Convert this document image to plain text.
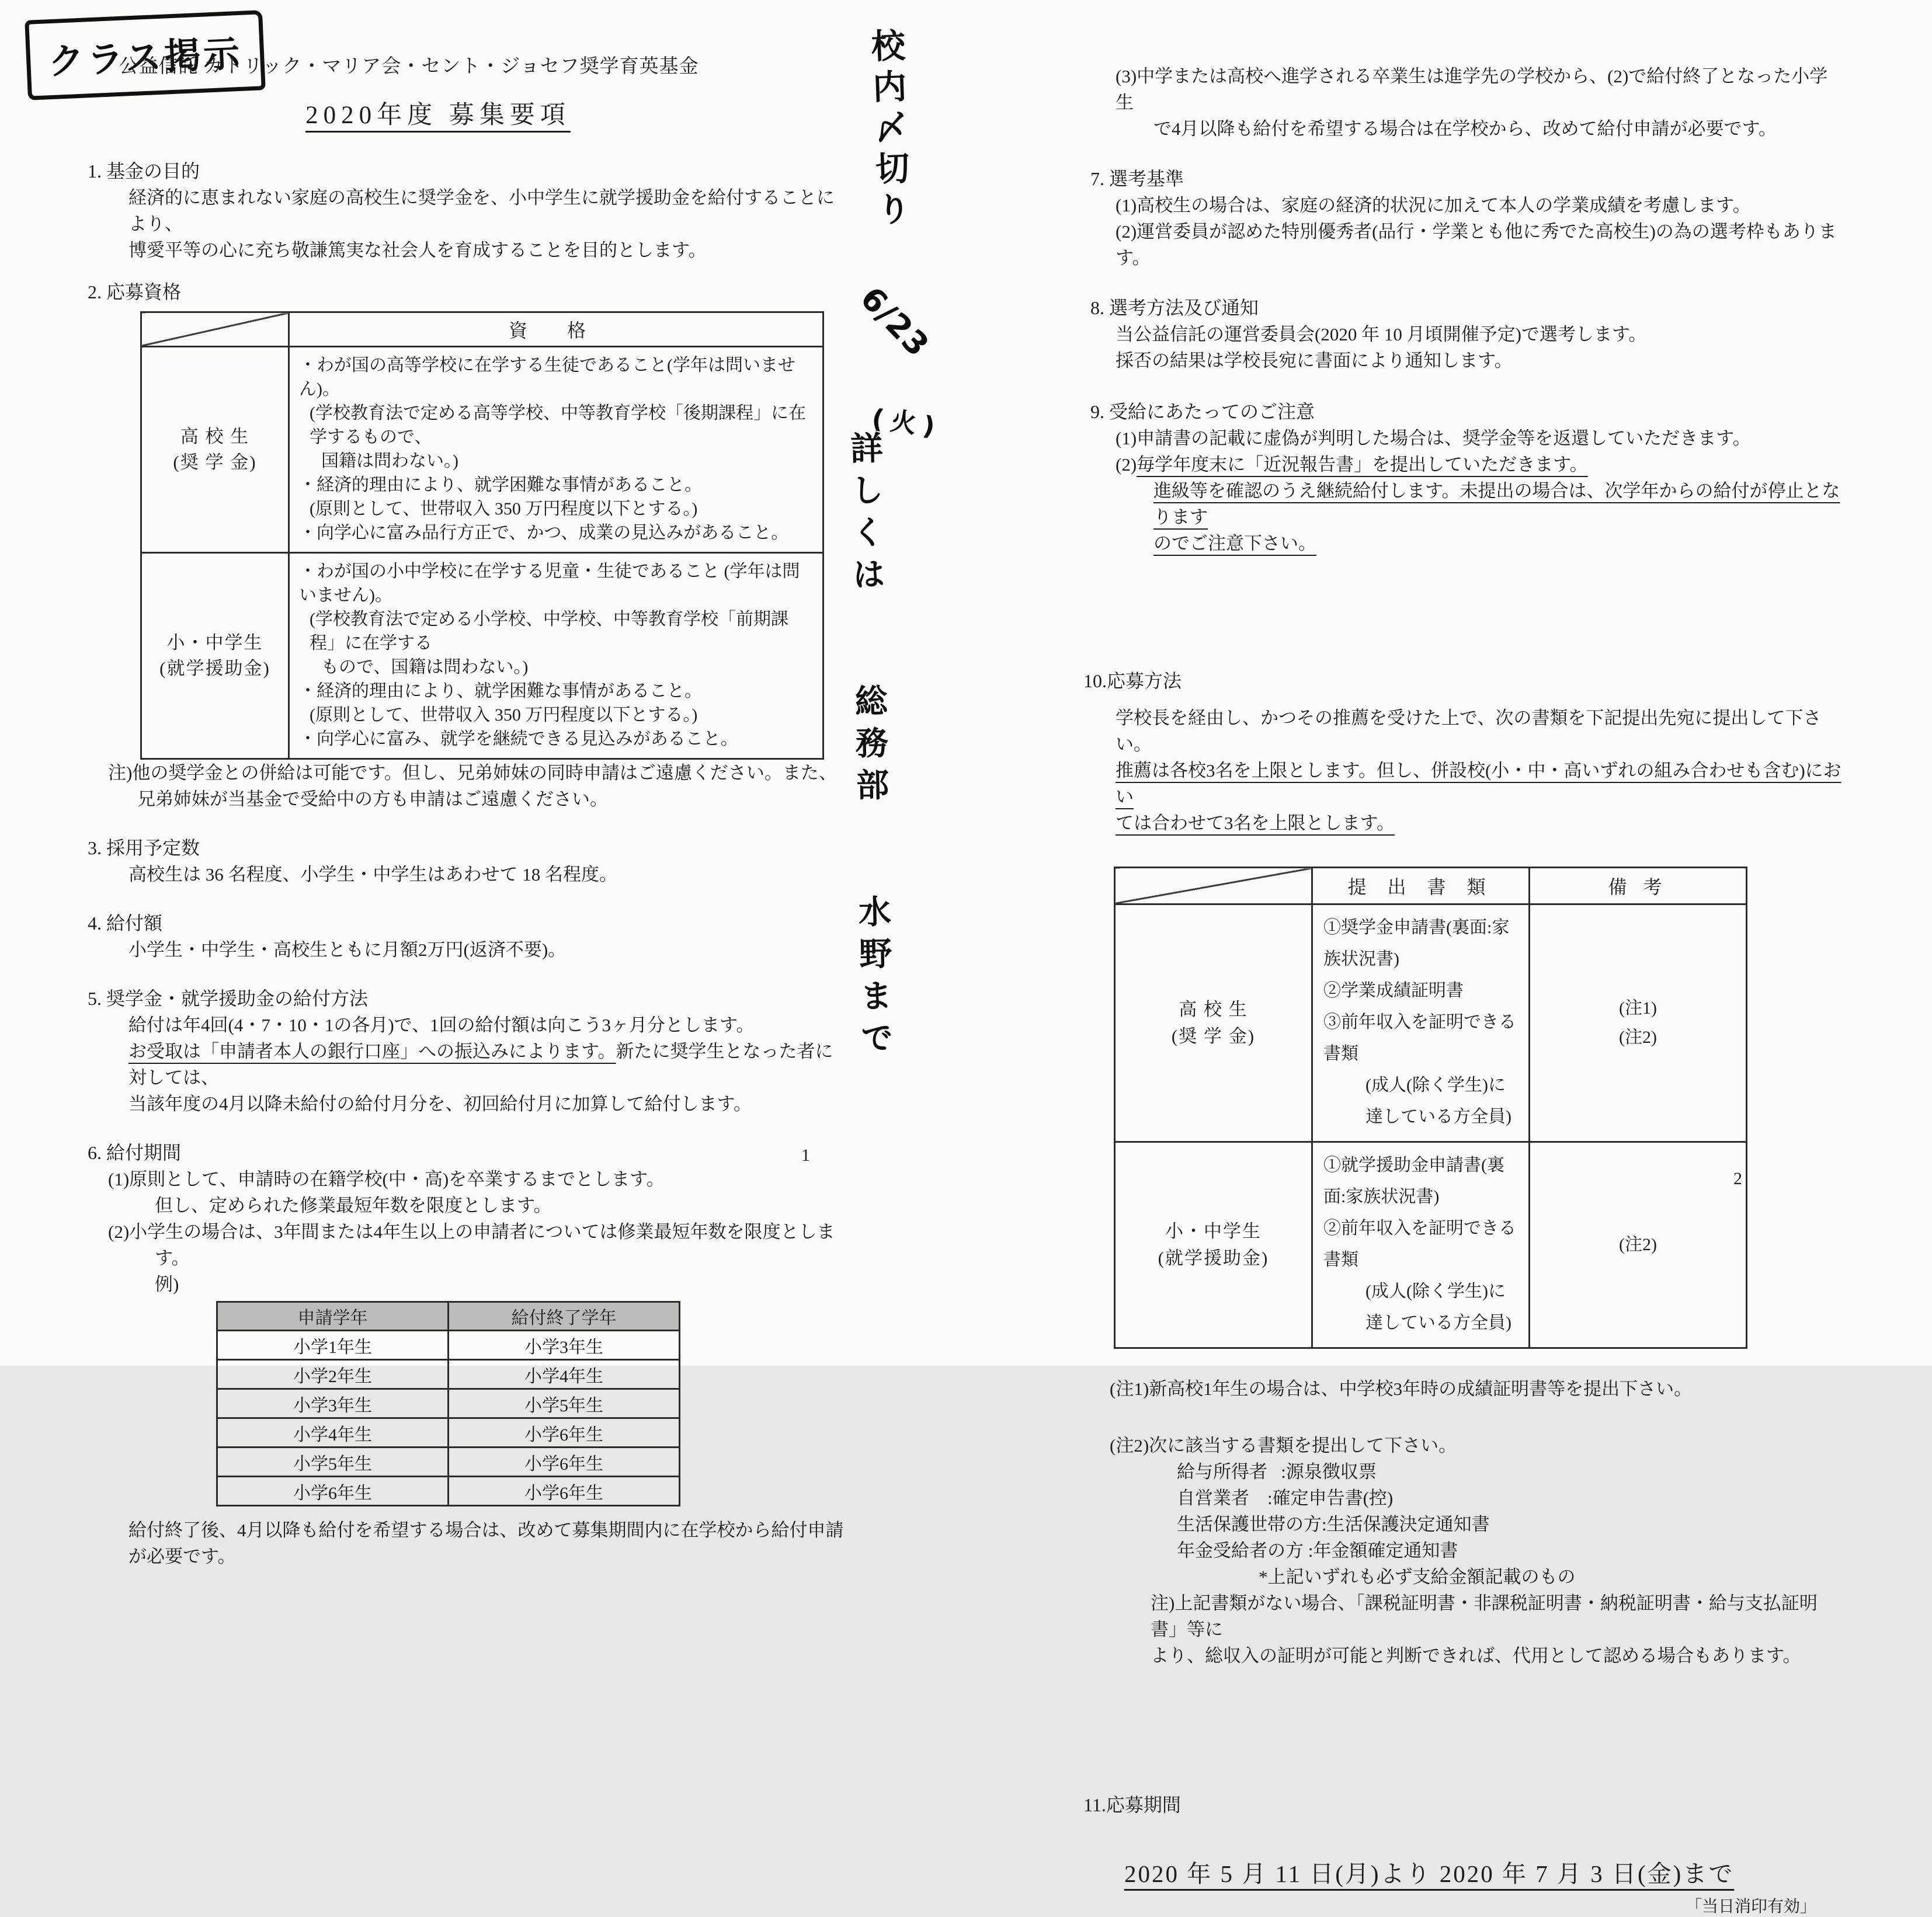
クラス掲示
公益信託 カトリック・マリア会・セント・ジョセフ奨学育英基金
2020年度 募集要項
1. 基金の目的
経済的に恵まれない家庭の高校生に奨学金を、小中学生に就学援助金を給付することにより、
博愛平等の心に充ち敬謙篤実な社会人を育成することを目的とします。
2. 応募資格
	資 格

高 校 生
(奨 学 金)

・わが国の高等学校に在学する生徒であること(学年は問いません)。
(学校教育法で定める高等学校、中等教育学校「後期課程」に在学するもので、
国籍は問わない。)
・経済的理由により、就学困難な事情があること。
(原則として、世帯収入 350 万円程度以下とする。)
・向学心に富み品行方正で、かつ、成業の見込みがあること。

小・中学生
(就学援助金)

・わが国の小中学校に在学する児童・生徒であること (学年は問いません)。
(学校教育法で定める小学校、中学校、中等教育学校「前期課程」に在学する
もので、国籍は問わない。)
・経済的理由により、就学困難な事情があること。
(原則として、世帯収入 350 万円程度以下とする。)
・向学心に富み、就学を継続できる見込みがあること。
注)他の奨学金との併給は可能です。但し、兄弟姉妹の同時申請はご遠慮ください。また、
兄弟姉妹が当基金で受給中の方も申請はご遠慮ください。
3. 採用予定数
高校生は 36 名程度、小学生・中学生はあわせて 18 名程度。
4. 給付額
小学生・中学生・高校生ともに月額2万円(返済不要)。
5. 奨学金・就学援助金の給付方法
給付は年4回(4・7・10・1の各月)で、1回の給付額は向こう3ヶ月分とします。
お受取は「申請者本人の銀行口座」への振込みによります。新たに奨学生となった者に対しては、
当該年度の4月以降未給付の給付月分を、初回給付月に加算して給付します。
6. 給付期間
(1)原則として、申請時の在籍学校(中・高)を卒業するまでとします。
但し、定められた修業最短年数を限度とします。
(2)小学生の場合は、3年間または4年生以上の申請者については修業最短年数を限度としま
す。
例)
申請学年	給付終了学年
小学1年生	小学3年生
小学2年生	小学4年生
小学3年生	小学5年生
小学4年生	小学6年生
小学5年生	小学6年生
小学6年生	小学6年生
給付終了後、4月以降も給付を希望する場合は、改めて募集期間内に在学校から給付申請
が必要です。
校内〆切り 6/23 (火)
詳しくは 総務部 水野まで
(3)中学または高校へ進学される卒業生は進学先の学校から、(2)で給付終了となった小学生
で4月以降も給付を希望する場合は在学校から、改めて給付申請が必要です。
7. 選考基準
(1)高校生の場合は、家庭の経済的状況に加えて本人の学業成績を考慮します。
(2)運営委員が認めた特別優秀者(品行・学業とも他に秀でた高校生)の為の選考枠もあります。
8. 選考方法及び通知
当公益信託の運営委員会(2020 年 10 月頃開催予定)で選考します。
採否の結果は学校長宛に書面により通知します。
9. 受給にあたってのご注意
(1)申請書の記載に虚偽が判明した場合は、奨学金等を返還していただきます。
(2)毎学年度末に「近況報告書」を提出していただきます。
進級等を確認のうえ継続給付します。未提出の場合は、次学年からの給付が停止となります
のでご注意下さい。
10.応募方法
学校長を経由し、かつその推薦を受けた上で、次の書類を下記提出先宛に提出して下さい。
推薦は各校3名を上限とします。但し、併設校(小・中・高いずれの組み合わせも含む)におい
ては合わせて3名を上限とします。
	提 出 書 類	備 考

高 校 生
(奨 学 金)

①奨学金申請書(裏面:家族状況書)
②学業成績証明書
③前年収入を証明できる書類
(成人(除く学生)に達している方全員)

(注1)
(注2)

小・中学生
(就学援助金)

①就学援助金申請書(裏面:家族状況書)
②前年収入を証明できる書類
(成人(除く学生)に達している方全員)

(注2)
(注1)新高校1年生の場合は、中学校3年時の成績証明書等を提出下さい。
(注2)次に該当する書類を提出して下さい。
給与所得者   :源泉徴収票
自営業者    :確定申告書(控)
生活保護世帯の方:生活保護決定通知書
年金受給者の方 :年金額確定通知書
*上記いずれも必ず支給金額記載のもの
注)上記書類がない場合、「課税証明書・非課税証明書・納税証明書・給与支払証明書」等に
より、総収入の証明が可能と判断できれば、代用として認める場合もあります。
11.応募期間
2020 年 5 月 11 日(月)より 2020 年 7 月 3 日(金)まで
「当日消印有効」
1
2
